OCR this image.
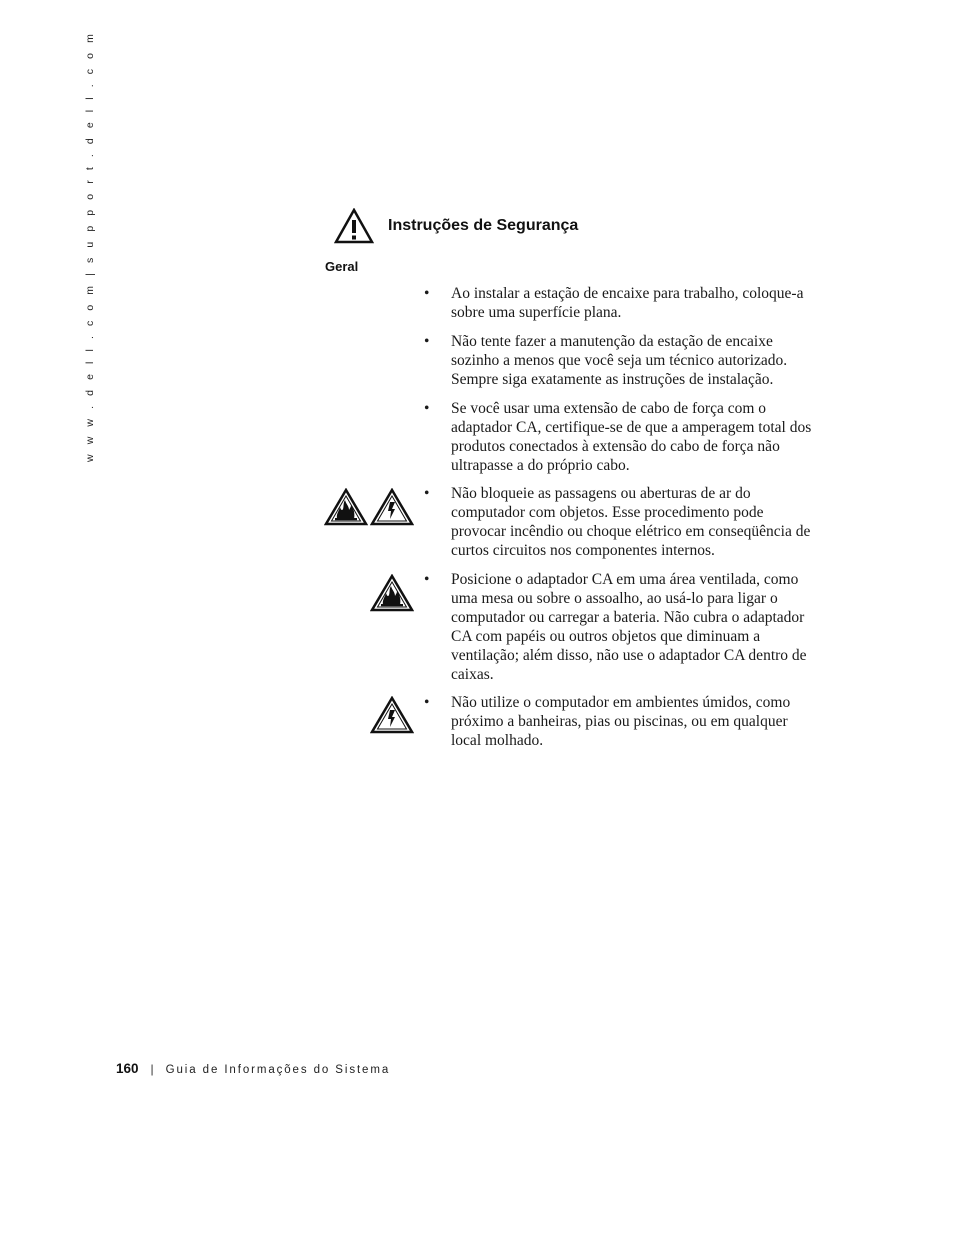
w w w . d e l l . c o m | s u p p o r t . d e l l . c o m	Instruções de Segurança
Geral
• Ao instalar a estação de encaixe para trabalho, coloque-a sobre uma superfície plana.
• Não tente fazer a manutenção da estação de encaixe sozinho a menos que você seja um técnico autorizado. Sempre siga exatamente as instruções de instalação.
• Se você usar uma extensão de cabo de força com o adaptador CA, certifique-se de que a amperagem total dos produtos conectados à extensão do cabo de força não ultrapasse a do próprio cabo.
• Não bloqueie as passagens ou aberturas de ar do computador com objetos. Esse procedimento pode provocar incêndio ou choque elétrico em conseqüência de curtos circuitos nos componentes internos.
• Posicione o adaptador CA em uma área ventilada, como uma mesa ou sobre o assoalho, ao usá-lo para ligar o computador ou carregar a bateria. Não cubra o adaptador CA com papéis ou outros objetos que diminuam a ventilação; além disso, não use o adaptador CA dentro de caixas.
• Não utilize o computador em ambientes úmidos, como próximo a banheiras, pias ou piscinas, ou em qualquer local molhado.
160 | Guia de Informações do Sistema
